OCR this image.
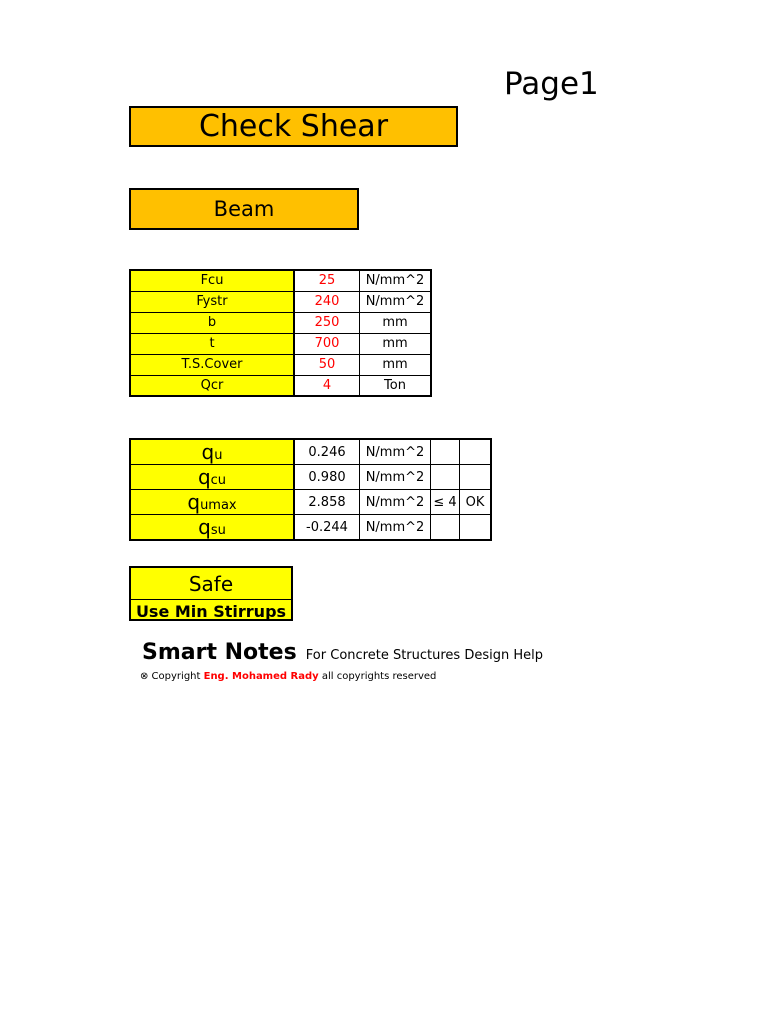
Page1
Check Shear
Beam
Fcu	25	N/mm^2
Fystr	240	N/mm^2
b	250	mm
t	700	mm
T.S.Cover	50	mm
Qcr	4	Ton
qu	0.246	N/mm^2		
qcu	0.980	N/mm^2		
qumax	2.858	N/mm^2	≤ 4	OK
qsu	-0.244	N/mm^2		
Safe
Use Min Stirrups
Smart Notes For Concrete Structures Design Help
⊗ Copyright Eng. Mohamed Rady all copyrights reserved
